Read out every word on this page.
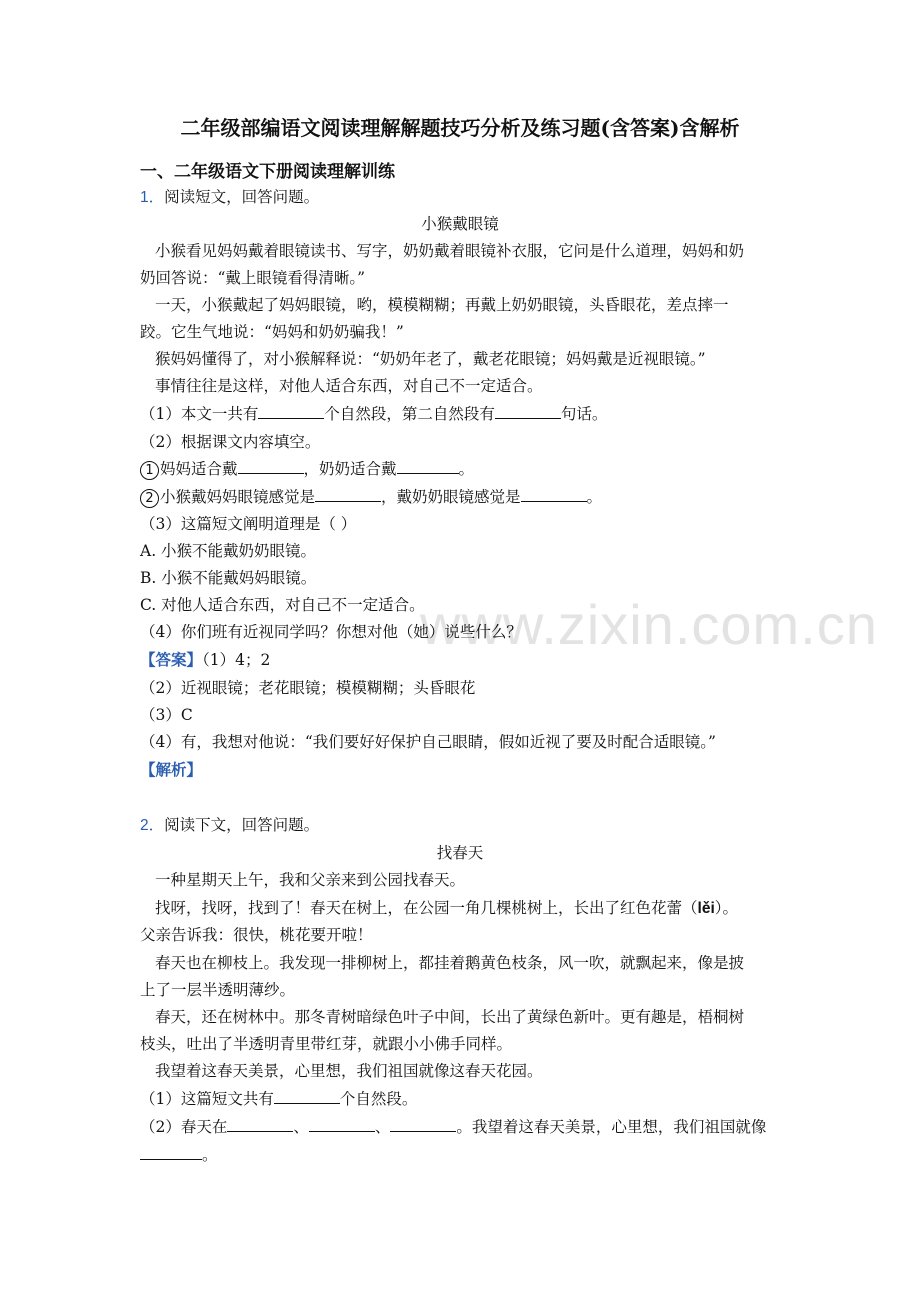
www.zixin.com.cn
二年级部编语文阅读理解解题技巧分析及练习题(含答案)含解析
一、二年级语文下册阅读理解训练
1．阅读短文，回答问题。
小猴戴眼镜
小猴看见妈妈戴着眼镜读书、写字，奶奶戴着眼镜补衣服，它问是什么道理，妈妈和奶
奶回答说：“戴上眼镜看得清晰。”
一天，小猴戴起了妈妈眼镜，哟，模模糊糊；再戴上奶奶眼镜，头昏眼花，差点摔一
跤。它生气地说：“妈妈和奶奶骗我！”
猴妈妈懂得了，对小猴解释说：“奶奶年老了，戴老花眼镜；妈妈戴是近视眼镜。”
事情往往是这样，对他人适合东西，对自己不一定适合。
（1）本文一共有	个自然段，第二自然段有	句话。
（2）根据课文内容填空。
1 妈妈适合戴	，奶奶适合戴	。
2 小猴戴妈妈眼镜感觉是	，戴奶奶眼镜感觉是	。
（3）这篇短文阐明道理是（ ）
A. 小猴不能戴奶奶眼镜。
B. 小猴不能戴妈妈眼镜。
C. 对他人适合东西，对自己不一定适合。
（4）你们班有近视同学吗？你想对他（她）说些什么？
【答案】（1）4；2
（2）近视眼镜；老花眼镜；模模糊糊；头昏眼花
（3）C
（4）有，我想对他说：“我们要好好保护自己眼睛，假如近视了要及时配合适眼镜。”
【解析】
2．阅读下文，回答问题。
找春天
一种星期天上午，我和父亲来到公园找春天。
找呀，找呀，找到了！春天在树上，在公园一角几棵桃树上，长出了红色花蕾（lěi）。
父亲告诉我：很快，桃花要开啦！
春天也在柳枝上。我发现一排柳树上，都挂着鹅黄色枝条，风一吹，就飘起来，像是披
上了一层半透明薄纱。
春天，还在树林中。那冬青树暗绿色叶子中间，长出了黄绿色新叶。更有趣是，梧桐树
枝头，吐出了半透明青里带红芽，就跟小小佛手同样。
我望着这春天美景，心里想，我们祖国就像这春天花园。
（1）这篇短文共有	个自然段。
（2）春天在	、	、	。我望着这春天美景，心里想，我们祖国就像
。
